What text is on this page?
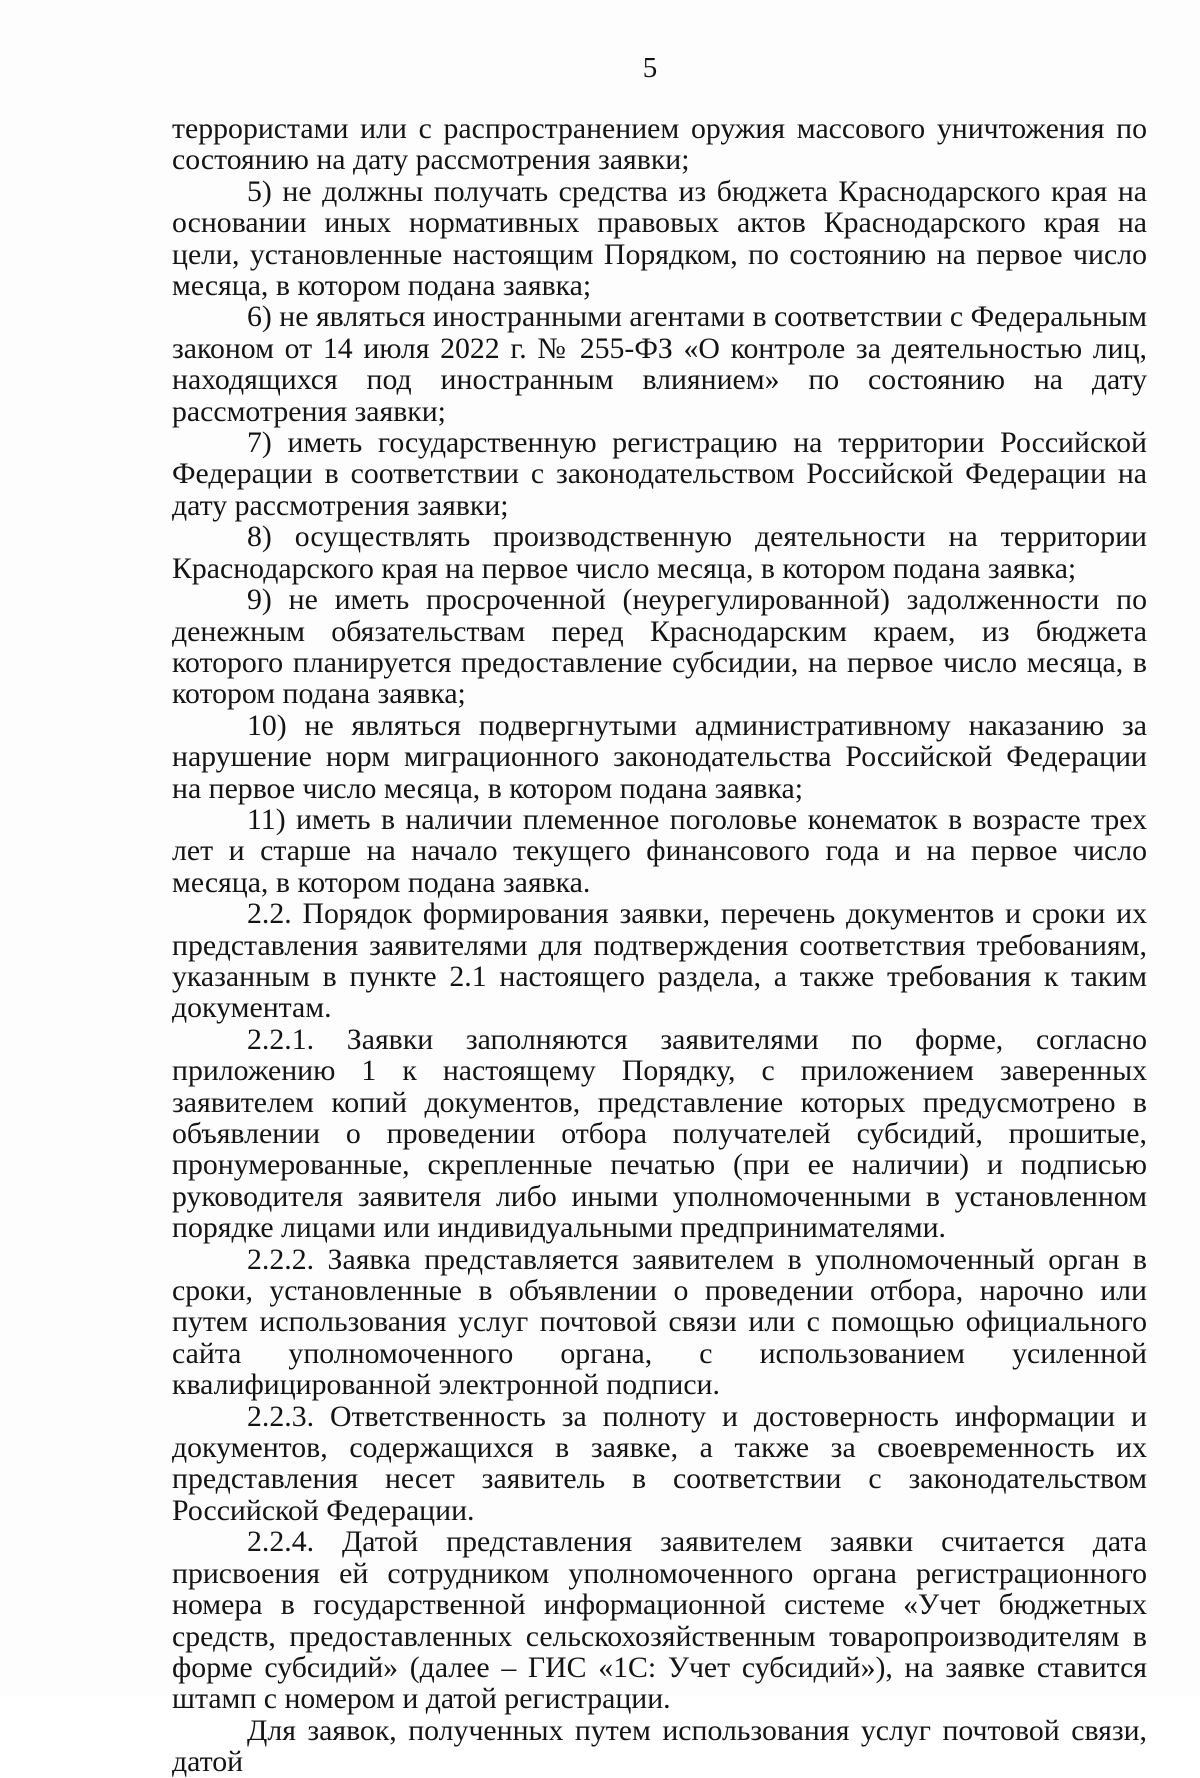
5

террористами или с распространением оружия массового уничтожения по состоянию на дату рассмотрения заявки;

5) не должны получать средства из бюджета Краснодарского края на основании иных нормативных правовых актов Краснодарского края на цели, установленные настоящим Порядком, по состоянию на первое число месяца, в котором подана заявка;

6) не являться иностранными агентами в соответствии с Федеральным законом от 14 июля 2022 г. № 255-ФЗ «О контроле за деятельностью лиц, находящихся под иностранным влиянием» по состоянию на дату рассмотрения заявки;

7) иметь государственную регистрацию на территории Российской Федерации в соответствии с законодательством Российской Федерации на дату рассмотрения заявки;

8) осуществлять производственную деятельности на территории Краснодарского края на первое число месяца, в котором подана заявка;

9) не иметь просроченной (неурегулированной) задолженности по денежным обязательствам перед Краснодарским краем, из бюджета которого планируется предоставление субсидии, на первое число месяца, в котором подана заявка;

10) не являться подвергнутыми административному наказанию за нарушение норм миграционного законодательства Российской Федерации на первое число месяца, в котором подана заявка;

11) иметь в наличии племенное поголовье конематок в возрасте трех лет и старше на начало текущего финансового года и на первое число месяца, в котором подана заявка.

2.2. Порядок формирования заявки, перечень документов и сроки их представления заявителями для подтверждения соответствия требованиям, указанным в пункте 2.1 настоящего раздела, а также требования к таким документам.

2.2.1. Заявки заполняются заявителями по форме, согласно приложению 1 к настоящему Порядку, с приложением заверенных заявителем копий документов, представление которых предусмотрено в объявлении о проведении отбора получателей субсидий, прошитые, пронумерованные, скрепленные печатью (при ее наличии) и подписью руководителя заявителя либо иными уполномоченными в установленном порядке лицами или индивидуальными предпринимателями.

2.2.2. Заявка представляется заявителем в уполномоченный орган в сроки, установленные в объявлении о проведении отбора, нарочно или путем использования услуг почтовой связи или с помощью официального сайта уполномоченного органа, с использованием усиленной квалифицированной электронной подписи.

2.2.3. Ответственность за полноту и достоверность информации и документов, содержащихся в заявке, а также за своевременность их представления несет заявитель в соответствии с законодательством Российской Федерации.

2.2.4. Датой представления заявителем заявки считается дата присвоения ей сотрудником уполномоченного органа регистрационного номера в государственной информационной системе «Учет бюджетных средств, предоставленных сельскохозяйственным товаропроизводителям в форме субсидий» (далее – ГИС «1С: Учет субсидий»), на заявке ставится штамп с номером и датой регистрации.

Для заявок, полученных путем использования услуг почтовой связи, датой
